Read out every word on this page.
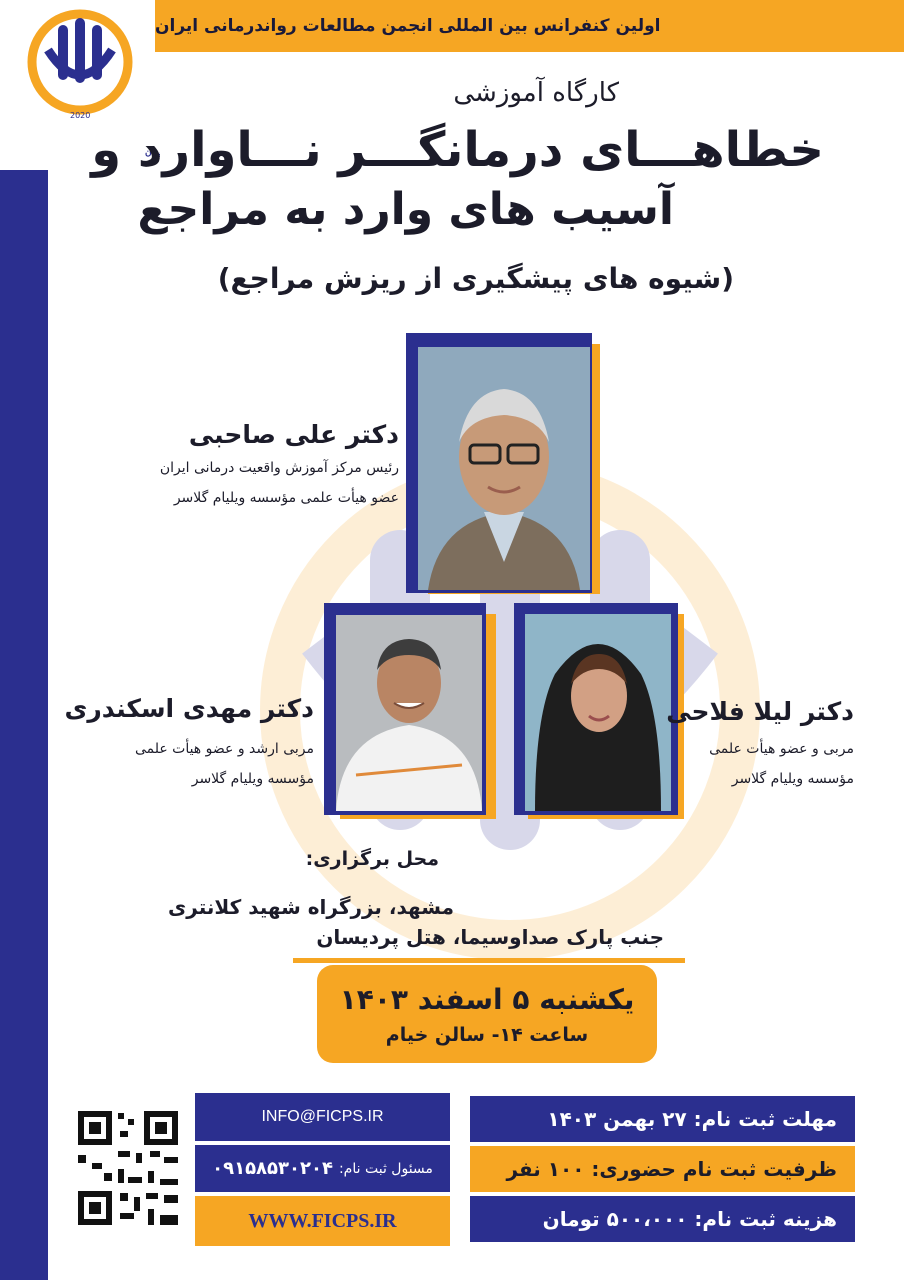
2020
ران
اولین کنفرانس بین المللی انجمن مطالعات رواندرمانی ایران
کارگاه آموزشی
خطاهـــای درمانگـــر نـــاوارد و
آسیب های وارد به مراجع
(شیوه های پیشگیری از ریزش مراجع)
دکتر علی صاحبی
رئیس مرکز آموزش واقعیت درمانی ایران
عضو هیأت علمی مؤسسه ویلیام گلاسر
دکتر مهدی اسکندری
مربی ارشد و عضو هیأت علمی
مؤسسه ویلیام گلاسر
دکتر لیلا فلاحی
مربی و عضو هیأت علمی
مؤسسه ویلیام گلاسر
محل برگزاری:
مشهد، بزرگراه شهید کلانتری
جنب پارک صداوسیما، هتل پردیسان
یکشنبه ۵ اسفند ۱۴۰۳
ساعت ۱۴- سالن خیام
INFO@FICPS.IR
مسئول ثبت نام:
۰۹۱۵۸۵۳۰۲۰۴
WWW.FICPS.IR
مهلت ثبت نام: ۲۷ بهمن ۱۴۰۳
ظرفیت ثبت نام حضوری: ۱۰۰ نفر
هزینه ثبت نام: ۵۰۰،۰۰۰ تومان
